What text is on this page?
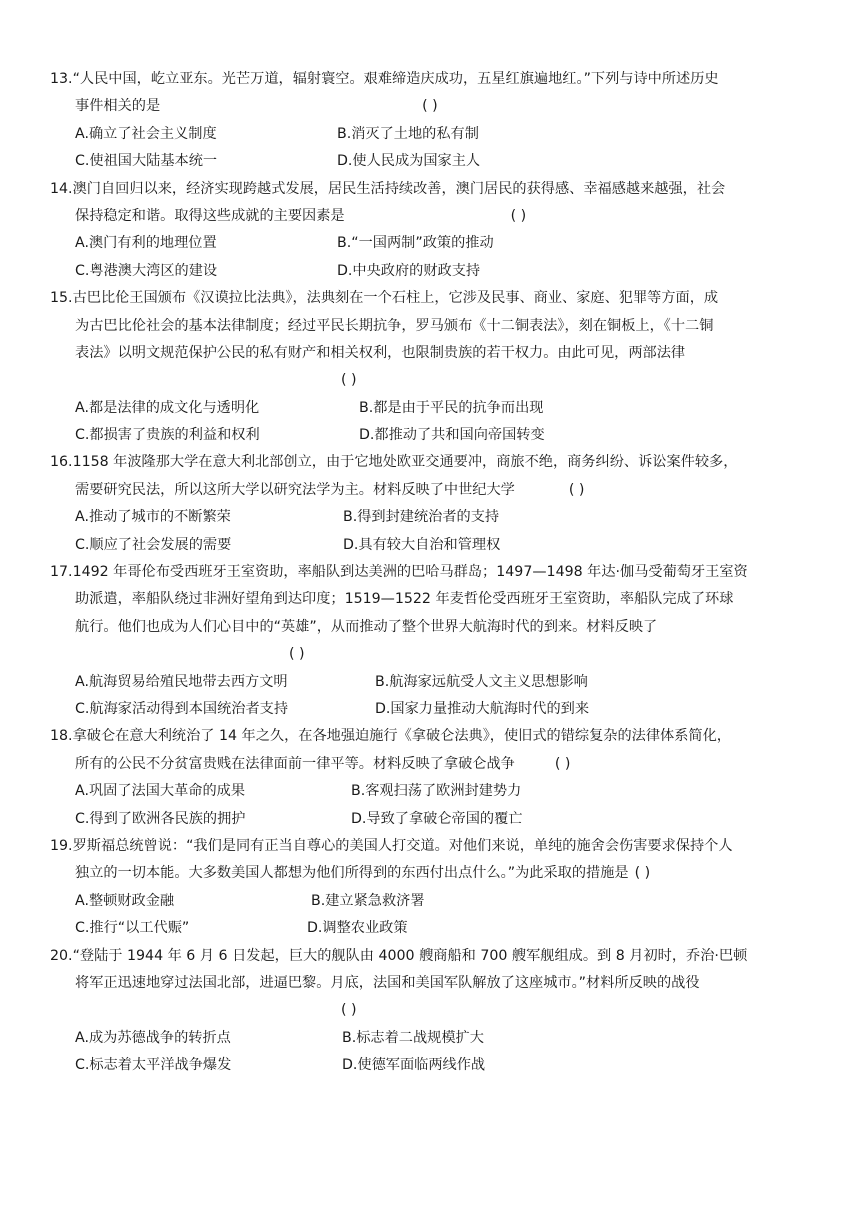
13.“人民中国，屹立亚东。光芒万道，辐射寰空。艰难缔造庆成功，五星红旗遍地红。”下列与诗中所述历史
事件相关的是	( )
A.确立了社会主义制度	B.消灭了土地的私有制
C.使祖国大陆基本统一	D.使人民成为国家主人
14.澳门自回归以来，经济实现跨越式发展，居民生活持续改善，澳门居民的获得感、幸福感越来越强，社会
保持稳定和谐。取得这些成就的主要因素是	( )
A.澳门有利的地理位置	B.“一国两制”政策的推动
C.粤港澳大湾区的建设	D.中央政府的财政支持
15.古巴比伦王国颁布《汉谟拉比法典》，法典刻在一个石柱上，它涉及民事、商业、家庭、犯罪等方面，成
为古巴比伦社会的基本法律制度；经过平民长期抗争，罗马颁布《十二铜表法》，刻在铜板上，《十二铜
表法》以明文规范保护公民的私有财产和相关权利，也限制贵族的若干权力。由此可见，两部法律
( )
A.都是法律的成文化与透明化	B.都是由于平民的抗争而出现
C.都损害了贵族的利益和权利	D.都推动了共和国向帝国转变
16.1158 年波隆那大学在意大利北部创立，由于它地处欧亚交通要冲，商旅不绝，商务纠纷、诉讼案件较多，
需要研究民法，所以这所大学以研究法学为主。材料反映了中世纪大学	( )
A.推动了城市的不断繁荣	B.得到封建统治者的支持
C.顺应了社会发展的需要	D.具有较大自治和管理权
17.1492 年哥伦布受西班牙王室资助，率船队到达美洲的巴哈马群岛；1497—1498 年达·伽马受葡萄牙王室资
助派遣，率船队绕过非洲好望角到达印度；1519—1522 年麦哲伦受西班牙王室资助，率船队完成了环球
航行。他们也成为人们心目中的“英雄”，从而推动了整个世界大航海时代的到来。材料反映了
( )
A.航海贸易给殖民地带去西方文明	B.航海家远航受人文主义思想影响
C.航海家活动得到本国统治者支持	D.国家力量推动大航海时代的到来
18.拿破仑在意大利统治了 14 年之久，在各地强迫施行《拿破仑法典》，使旧式的错综复杂的法律体系简化，
所有的公民不分贫富贵贱在法律面前一律平等。材料反映了拿破仑战争	( )
A.巩固了法国大革命的成果	B.客观扫荡了欧洲封建势力
C.得到了欧洲各民族的拥护	D.导致了拿破仑帝国的覆亡
19.罗斯福总统曾说：“我们是同有正当自尊心的美国人打交道。对他们来说，单纯的施舍会伤害要求保持个人
独立的一切本能。大多数美国人都想为他们所得到的东西付出点什么。”为此采取的措施是 ( )
A.整顿财政金融	B.建立紧急救济署
C.推行“以工代赈”	D.调整农业政策
20.“登陆于 1944 年 6 月 6 日发起，巨大的舰队由 4000 艘商船和 700 艘军舰组成。到 8 月初时，乔治·巴顿
将军正迅速地穿过法国北部，进逼巴黎。月底，法国和美国军队解放了这座城市。”材料所反映的战役
( )
A.成为苏德战争的转折点	B.标志着二战规模扩大
C.标志着太平洋战争爆发	D.使德军面临两线作战
